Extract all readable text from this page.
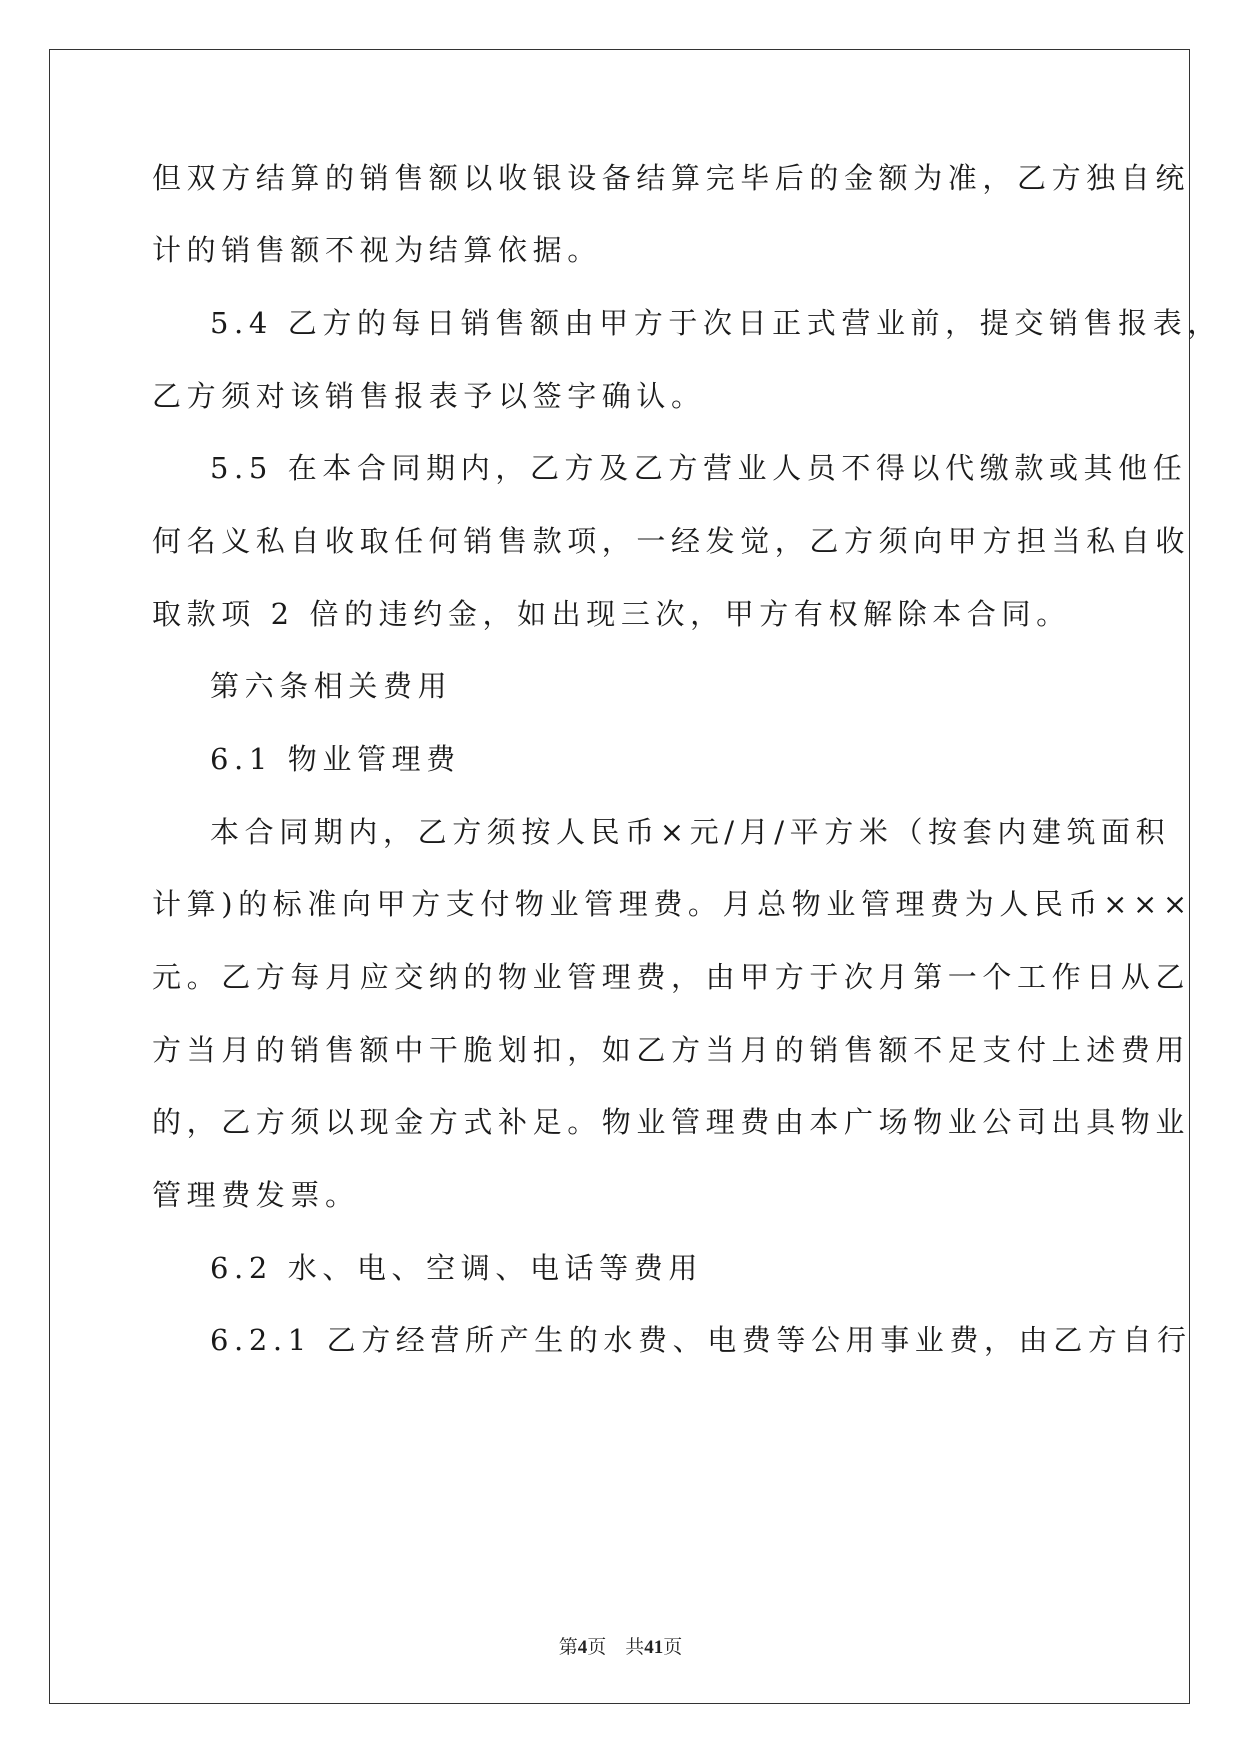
但双方结算的销售额以收银设备结算完毕后的金额为准，乙方独自统
计的销售额不视为结算依据。
5.4 乙方的每日销售额由甲方于次日正式营业前，提交销售报表，
乙方须对该销售报表予以签字确认。
5.5 在本合同期内，乙方及乙方营业人员不得以代缴款或其他任
何名义私自收取任何销售款项，一经发觉，乙方须向甲方担当私自收
取款项 2 倍的违约金，如出现三次，甲方有权解除本合同。
第六条相关费用
6.1 物业管理费
本合同期内，乙方须按人民币×元/月/平方米（按套内建筑面积
计算)的标准向甲方支付物业管理费。月总物业管理费为人民币×××
元。乙方每月应交纳的物业管理费，由甲方于次月第一个工作日从乙
方当月的销售额中干脆划扣，如乙方当月的销售额不足支付上述费用
的，乙方须以现金方式补足。物业管理费由本广场物业公司出具物业
管理费发票。
6.2 水、电、空调、电话等费用
6.2.1 乙方经营所产生的水费、电费等公用事业费，由乙方自行
第4页　共41页
